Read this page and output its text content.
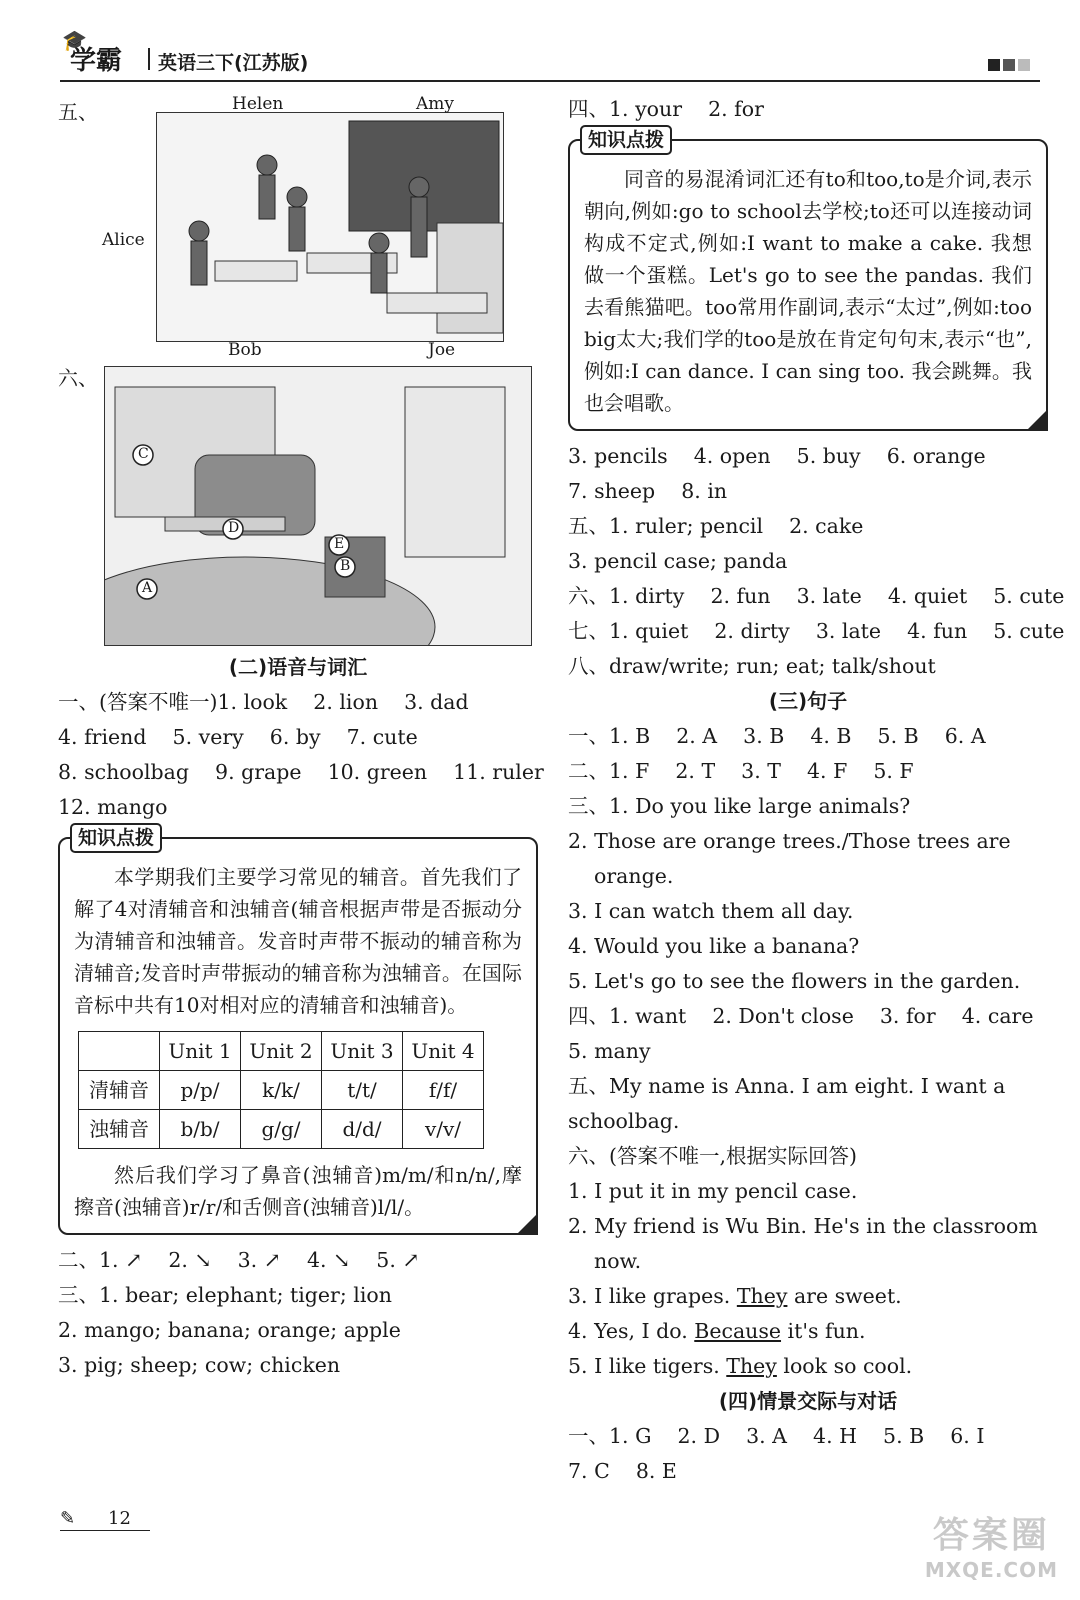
🎓
学霸 英语三下(江苏版)
五、	Helen	Amy
Alice
Bob	Joe
六、
C
D
E
B
A
(二)语音与词汇
一、(答案不唯一)1. look    2. lion    3. dad
4. friend    5. very    6. by    7. cute
8. schoolbag    9. grape    10. green    11. ruler
12. mango
知识点拨

本学期我们主要学习常见的辅音。首先我们了解了4对清辅音和浊辅音(辅音根据声带是否振动分为清辅音和浊辅音。发音时声带不振动的辅音称为清辅音;发音时声带振动的辅音称为浊辅音。在国际音标中共有10对相对应的清辅音和浊辅音)。

	Unit 1	Unit 2	Unit 3	Unit 4
清辅音	p/p/	k/k/	t/t/	f/f/
浊辅音	b/b/	g/g/	d/d/	v/v/

然后我们学习了鼻音(浊辅音)m/m/和n/n/,摩擦音(浊辅音)r/r/和舌侧音(浊辅音)l/l/。

二、1. ↗    2. ↘    3. ↗    4. ↘    5. ↗
三、1. bear; elephant; tiger; lion
2. mango; banana; orange; apple
3. pig; sheep; cow; chicken
四、1. your    2. for
知识点拨

同音的易混淆词汇还有to和too,to是介词,表示朝向,例如:go to school去学校;to还可以连接动词构成不定式,例如:I want to make a cake. 我想做一个蛋糕。Let's go to see the pandas. 我们去看熊猫吧。too常用作副词,表示“太过”,例如:too big太大;我们学的too是放在肯定句句末,表示“也”,例如:I can dance. I can sing too. 我会跳舞。我也会唱歌。

3. pencils    4. open    5. buy    6. orange
7. sheep    8. in
五、1. ruler; pencil    2. cake
3. pencil case; panda
六、1. dirty    2. fun    3. late    4. quiet    5. cute
七、1. quiet    2. dirty    3. late    4. fun    5. cute
八、draw/write; run; eat; talk/shout
(三)句子
一、1. B    2. A    3. B    4. B    5. B    6. A
二、1. F    2. T    3. T    4. F    5. F
三、1. Do you like large animals?
2. Those are orange trees./Those trees are
orange.
3. I can watch them all day.
4. Would you like a banana?
5. Let's go to see the flowers in the garden.
四、1. want    2. Don't close    3. for    4. care
5. many
五、My name is Anna. I am eight. I want a
schoolbag.
六、(答案不唯一,根据实际回答)
1. I put it in my pencil case.
2. My friend is Wu Bin. He's in the classroom
now.
3. I like grapes. They are sweet.
4. Yes, I do. Because it's fun.
5. I like tigers. They look so cool.
(四)情景交际与对话
一、1. G    2. D    3. A    4. H    5. B    6. I
7. C    8. E
✎ 12	答案圈
MXQE.COM
